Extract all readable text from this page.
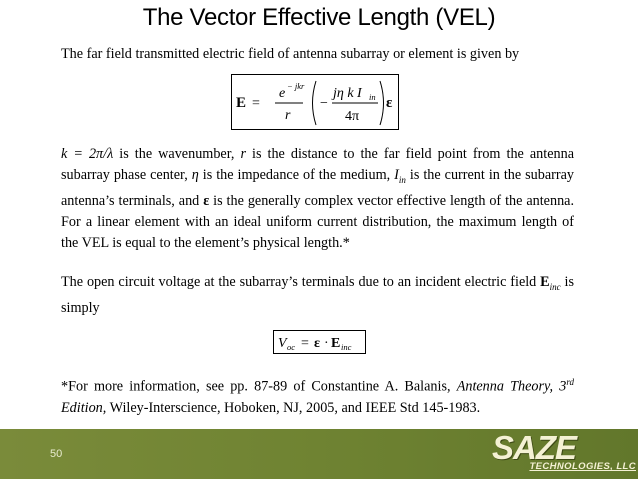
The Vector Effective Length (VEL)

The far field transmitted electric field of antenna subarray or element is given by

E =
e − jkr
r
−
jη k I in
4π
ε

k = 2π/λ is the wavenumber, r is the distance to the far field point from the antenna subarray phase center, η is the impedance of the medium, $I_{in}$ is the current in the subarray antenna’s terminals, and ε is the generally complex vector effective length of the antenna. For a linear element with an ideal uniform current distribution, the maximum length of the VEL is equal to the element’s physical length.*

The open circuit voltage at the subarray’s terminals due to an incident electric field $E_{inc}$ is simply

V oc = ε · E inc

*For more information, see pp. 87-89 of Constantine A. Balanis, Antenna Theory, 3rd Edition, Wiley-Interscience, Hoboken, NJ, 2005, and IEEE Std 145-1983.

50	SAZE
TECHNOLOGIES, LLC
